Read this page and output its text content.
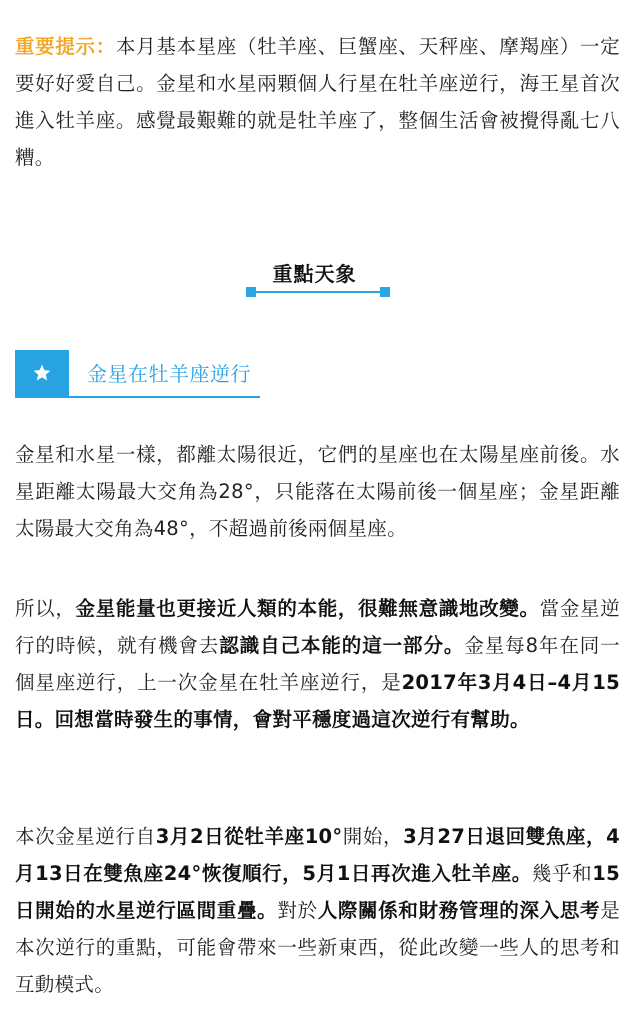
重要提示：本月基本星座（牡羊座、巨蟹座、天秤座、摩羯座）一定要好好愛自己。金星和水星兩顆個人行星在牡羊座逆行，海王星首次進入牡羊座。感覺最艱難的就是牡羊座了，整個生活會被攪得亂七八糟。

重點天象
金星在牡羊座逆行

金星和水星一樣，都離太陽很近，它們的星座也在太陽星座前後。水星距離太陽最大交角為28°，只能落在太陽前後一個星座；金星距離太陽最大交角為48°，不超過前後兩個星座。

所以，金星能量也更接近人類的本能，很難無意識地改變。當金星逆行的時候，就有機會去認識自己本能的這一部分。金星每8年在同一個星座逆行，上一次金星在牡羊座逆行，是2017年3月4日–4月15日。回想當時發生的事情，會對平穩度過這次逆行有幫助。

本次金星逆行自3月2日從牡羊座10°開始，3月27日退回雙魚座，4月13日在雙魚座24°恢復順行，5月1日再次進入牡羊座。幾乎和15日開始的水星逆行區間重疊。對於人際關係和財務管理的深入思考是本次逆行的重點，可能會帶來一些新東西，從此改變一些人的思考和互動模式。
